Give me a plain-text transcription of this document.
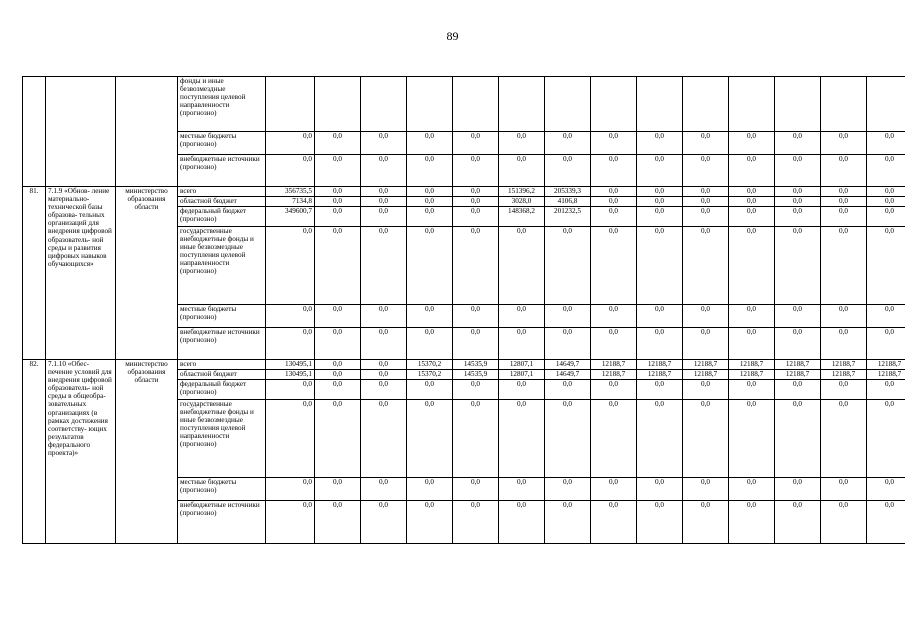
89
			фонды и иные безвозмездные поступления целевой направленности (прогнозно)														
			местные бюджеты (прогнозно)	0,0	0,0	0,0	0,0	0,0	0,0	0,0	0,0	0,0	0,0	0,0	0,0	0,0	0,0
			внебюджетные источники (прогнозно)	0,0	0,0	0,0	0,0	0,0	0,0	0,0	0,0	0,0	0,0	0,0	0,0	0,0	0,0
81.	7.1.9 «Обнов- ление материально- технической базы образова- тельных организаций для внедрения цифровой образователь- ной среды и развития цифровых навыков обучающихся»	министерство образования области	всего	356735,5	0,0	0,0	0,0	0,0	151396,2	205339,3	0,0	0,0	0,0	0,0	0,0	0,0	0,0
			областной бюджет	7134,8	0,0	0,0	0,0	0,0	3028,0	4106,8	0,0	0,0	0,0	0,0	0,0	0,0	0,0
			федеральный бюджет (прогнозно)	349600,7	0,0	0,0	0,0	0,0	148368,2	201232,5	0,0	0,0	0,0	0,0	0,0	0,0	0,0
			государственные внебюджетные фонды и иные безвозмездные поступления целевой направленности (прогнозно)	0,0	0,0	0,0	0,0	0,0	0,0	0,0	0,0	0,0	0,0	0,0	0,0	0,0	0,0
			местные бюджеты (прогнозно)	0,0	0,0	0,0	0,0	0,0	0,0	0,0	0,0	0,0	0,0	0,0	0,0	0,0	0,0
			внебюджетные источники (прогнозно)	0,0	0,0	0,0	0,0	0,0	0,0	0,0	0,0	0,0	0,0	0,0	0,0	0,0	0,0
82.	7.1.10 «Обес- печение условий для внедрения цифровой образователь- ной среды в общеобра- зовательных организациях (в рамках достижения соответству- ющих результатов федерального проекта)»	министерство образования области	всего	130495,1	0,0	0,0	15370,2	14535,9	12807,1	14649,7	12188,7	12188,7	12188,7	12188,7	12188,7	12188,7	12188,7
			областной бюджет	130495,1	0,0	0,0	15370,2	14535,9	12807,1	14649,7	12188,7	12188,7	12188,7	12188,7	12188,7	12188,7	12188,7
			федеральный бюджет (прогнозно)	0,0	0,0	0,0	0,0	0,0	0,0	0,0	0,0	0,0	0,0	0,0	0,0	0,0	0,0
			государственные внебюджетные фонды и иные безвозмездные поступления целевой направленности (прогнозно)	0,0	0,0	0,0	0,0	0,0	0,0	0,0	0,0	0,0	0,0	0,0	0,0	0,0	0,0
			местные бюджеты (прогнозно)	0,0	0,0	0,0	0,0	0,0	0,0	0,0	0,0	0,0	0,0	0,0	0,0	0,0	0,0
			внебюджетные источники (прогнозно)	0,0	0,0	0,0	0,0	0,0	0,0	0,0	0,0	0,0	0,0	0,0	0,0	0,0	0,0
